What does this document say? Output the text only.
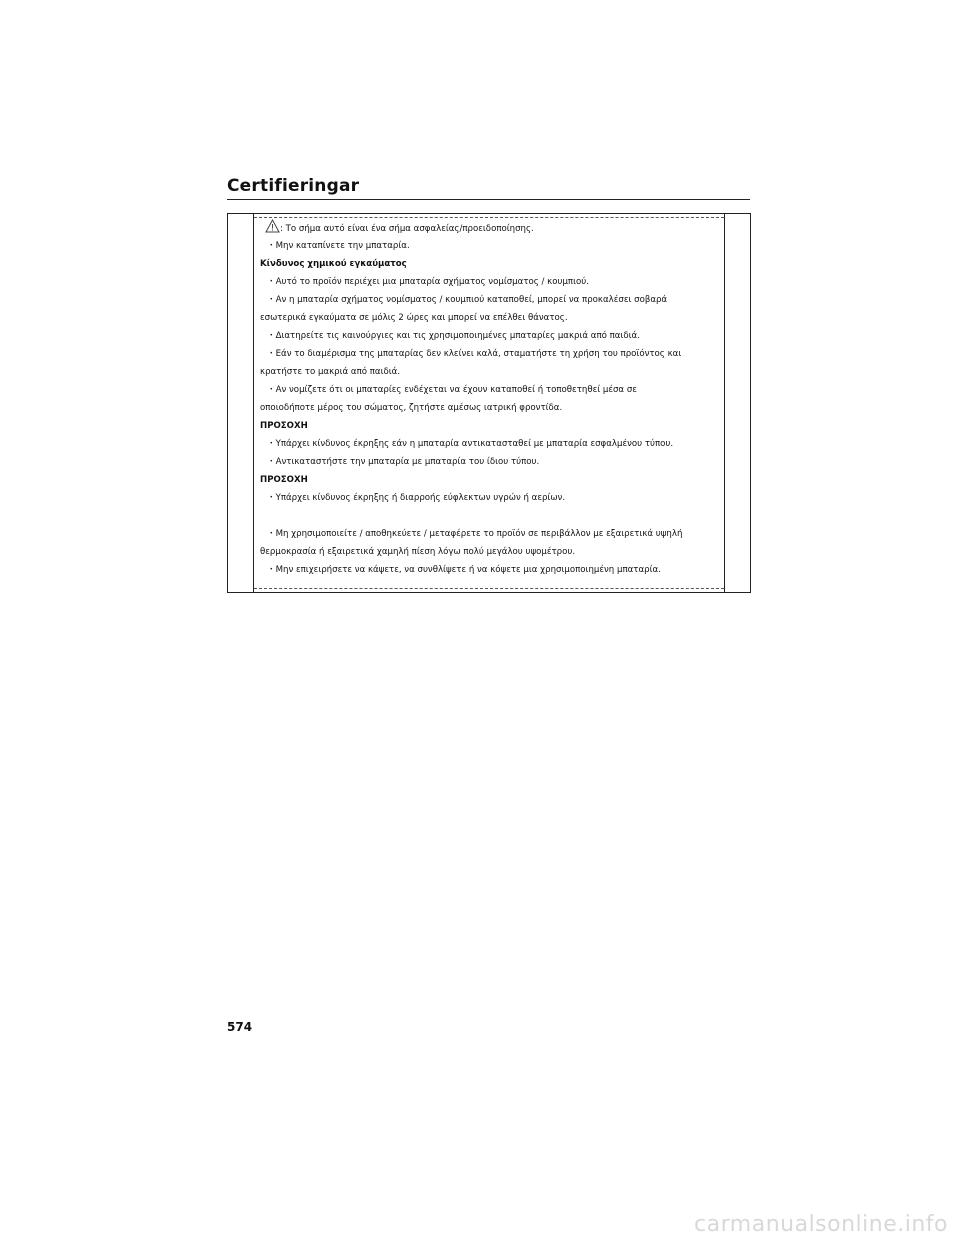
Certifieringar
: Το σήμα αυτό είναι ένα σήμα ασφαλείας/προειδοποίησης.
・Μην καταπίνετε την μπαταρία.
Κίνδυνος χημικού εγκαύματος
・Αυτό το προϊόν περιέχει μια μπαταρία σχήματος νομίσματος / κουμπιού.
・Αν η μπαταρία σχήματος νομίσματος / κουμπιού καταποθεί, μπορεί να προκαλέσει σοβαρά
εσωτερικά εγκαύματα σε μόλις 2 ώρες και μπορεί να επέλθει θάνατος.
・Διατηρείτε τις καινούργιες και τις χρησιμοποιημένες μπαταρίες μακριά από παιδιά.
・Εάν το διαμέρισμα της μπαταρίας δεν κλείνει καλά, σταματήστε τη χρήση του προϊόντος και
κρατήστε το μακριά από παιδιά.
・Αν νομίζετε ότι οι μπαταρίες ενδέχεται να έχουν καταποθεί ή τοποθετηθεί μέσα σε
οποιοδήποτε μέρος του σώματος, ζητήστε αμέσως ιατρική φροντίδα.
ΠΡΟΣΟΧΗ
・Υπάρχει κίνδυνος έκρηξης εάν η μπαταρία αντικατασταθεί με μπαταρία εσφαλμένου τύπου.
・Αντικαταστήστε την μπαταρία με μπαταρία του ίδιου τύπου.
ΠΡΟΣΟΧΗ
・Υπάρχει κίνδυνος έκρηξης ή διαρροής εύφλεκτων υγρών ή αερίων.
・Μη χρησιμοποιείτε / αποθηκεύετε / μεταφέρετε το προϊόν σε περιβάλλον με εξαιρετικά υψηλή
θερμοκρασία ή εξαιρετικά χαμηλή πίεση λόγω πολύ μεγάλου υψομέτρου.
・Μην επιχειρήσετε να κάψετε, να συνθλίψετε ή να κόψετε μια χρησιμοποιημένη μπαταρία.
574
carmanualsonline.info
